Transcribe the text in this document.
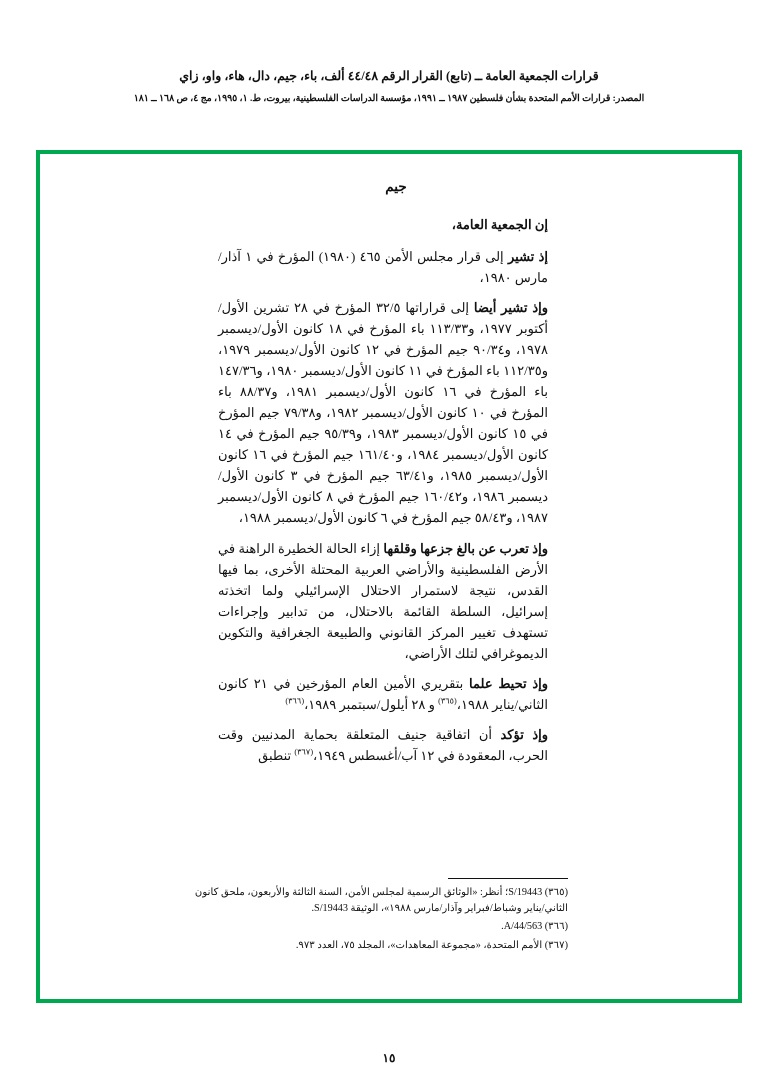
قرارات الجمعية العامة ــ (تابع) القرار الرقم ٤٤/٤٨ ألف، باء، جيم، دال، هاء، واو، زاي
المصدر: قرارات الأمم المتحدة بشأن فلسطين ١٩٨٧ ــ ١٩٩١، مؤسسة الدراسات الفلسطينية، بيروت، ط. ١، ١٩٩٥، مج ٤، ص ١٦٨ ــ ١٨١
جيم
إن الجمعية العامة،

إذ تشير إلى قرار مجلس الأمن ٤٦٥ (١٩٨٠) المؤرخ في ١ آذار/ مارس ١٩٨٠،

وإذ تشير أيضا إلى قراراتها ٣٢/٥ المؤرخ في ٢٨ تشرين الأول/أكتوبر ١٩٧٧، و١١٣/٣٣ باء المؤرخ في ١٨ كانون الأول/ديسمبر ١٩٧٨، و٩٠/٣٤ جيم المؤرخ في ١٢ كانون الأول/ديسمبر ١٩٧٩، و١١٢/٣٥ باء المؤرخ في ١١ كانون الأول/ديسمبر ١٩٨٠، و١٤٧/٣٦ باء المؤرخ في ١٦ كانون الأول/ديسمبر ١٩٨١، و٨٨/٣٧ باء المؤرخ في ١٠ كانون الأول/ديسمبر ١٩٨٢، و٧٩/٣٨ جيم المؤرخ في ١٥ كانون الأول/ديسمبر ١٩٨٣، و٩٥/٣٩ جيم المؤرخ في ١٤ كانون الأول/ديسمبر ١٩٨٤، و١٦١/٤٠ جيم المؤرخ في ١٦ كانون الأول/ديسمبر ١٩٨٥، و٦٣/٤١ جيم المؤرخ في ٣ كانون الأول/ديسمبر ١٩٨٦، و١٦٠/٤٢ جيم المؤرخ في ٨ كانون الأول/ديسمبر ١٩٨٧، و٥٨/٤٣ جيم المؤرخ في ٦ كانون الأول/ديسمبر ١٩٨٨،

وإذ تعرب عن بالغ جزعها وقلقها إزاء الحالة الخطيرة الراهنة في الأرض الفلسطينية والأراضي العربية المحتلة الأخرى، بما فيها القدس، نتيجة لاستمرار الاحتلال الإسرائيلي ولما اتخذته إسرائيل، السلطة القائمة بالاحتلال، من تدابير وإجراءات تستهدف تغيير المركز القانوني والطبيعة الجغرافية والتكوين الديموغرافي لتلك الأراضي،

وإذ تحيط علما بتقريري الأمين العام المؤرخين في ٢١ كانون الثاني/يناير ١٩٨٨،$^{(٣٦٥)}$ و ٢٨ أيلول/سبتمبر ١٩٨٩،$^{(٣٦٦)}$

وإذ تؤكد أن اتفاقية جنيف المتعلقة بحماية المدنيين وقت الحرب، المعقودة في ١٢ آب/أغسطس ١٩٤٩،$^{(٣٦٧)}$ تنطبق

(٣٦٥) S/19443؛ أنظر: «الوثائق الرسمية لمجلس الأمن، السنة الثالثة والأربعون، ملحق كانون الثاني/يناير وشباط/فبراير وآذار/مارس ١٩٨٨»، الوثيقة S/19443.
(٣٦٦) A/44/563.
(٣٦٧) الأمم المتحدة، «مجموعة المعاهدات»، المجلد ٧٥، العدد ٩٧٣.
١٥
